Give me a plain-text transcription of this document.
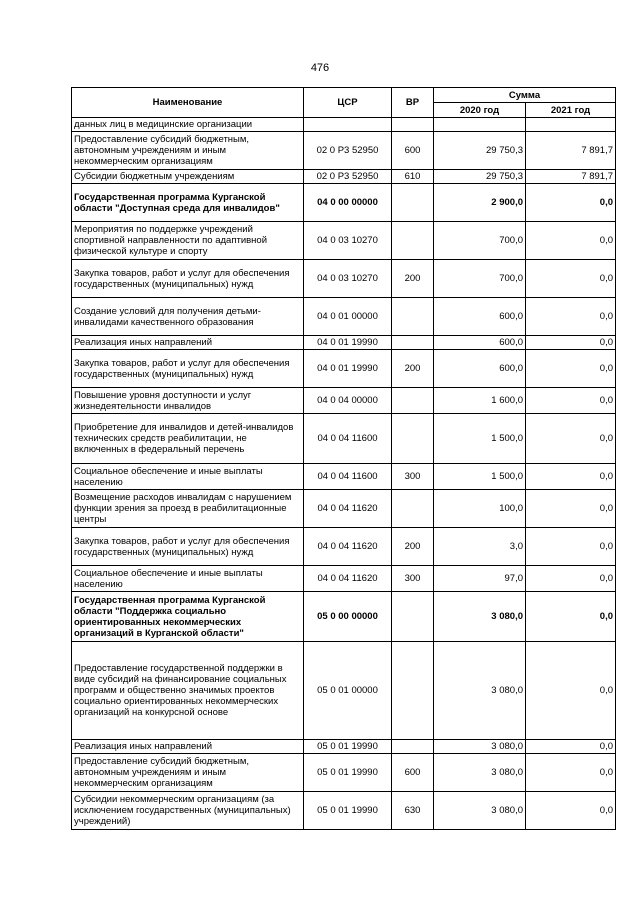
476
Наименование	ЦСР	ВР	Сумма	
			2020 год	2021 год
данных лиц в медицинские организации				
Предоставление субсидий бюджетным, автономным учреждениям и иным некоммерческим организациям	02 0 Р3 52950	600	29 750,3	7 891,7
Субсидии бюджетным учреждениям	02 0 Р3 52950	610	29 750,3	7 891,7
Государственная программа Курганской области "Доступная среда для инвалидов"	04 0 00 00000		2 900,0	0,0
Мероприятия по поддержке учреждений спортивной направленности по адаптивной физической культуре и спорту	04 0 03 10270		700,0	0,0
Закупка товаров, работ и услуг для обеспечения государственных (муниципальных) нужд	04 0 03 10270	200	700,0	0,0
Создание условий для получения детьми-инвалидами качественного образования	04 0 01 00000		600,0	0,0
Реализация иных направлений	04 0 01 19990		600,0	0,0
Закупка товаров, работ и услуг для обеспечения государственных (муниципальных) нужд	04 0 01 19990	200	600,0	0,0
Повышение уровня доступности и услуг жизнедеятельности инвалидов	04 0 04 00000		1 600,0	0,0
Приобретение для инвалидов и детей-инвалидов технических средств реабилитации, не включенных в федеральный перечень	04 0 04 11600		1 500,0	0,0
Социальное обеспечение и иные выплаты населению	04 0 04 11600	300	1 500,0	0,0
Возмещение расходов инвалидам с нарушением функции зрения за проезд в реабилитационные центры	04 0 04 11620		100,0	0,0
Закупка товаров, работ и услуг для обеспечения государственных (муниципальных) нужд	04 0 04 11620	200	3,0	0,0
Социальное обеспечение и иные выплаты населению	04 0 04 11620	300	97,0	0,0
Государственная программа Курганской области "Поддержка социально ориентированных некоммерческих организаций в Курганской области"	05 0 00 00000		3 080,0	0,0
Предоставление государственной поддержки в виде субсидий на финансирование социальных программ и общественно значимых проектов социально ориентированных некоммерческих организаций на конкурсной основе	05 0 01 00000		3 080,0	0,0
Реализация иных направлений	05 0 01 19990		3 080,0	0,0
Предоставление субсидий бюджетным, автономным учреждениям и иным некоммерческим организациям	05 0 01 19990	600	3 080,0	0,0
Субсидии некоммерческим организациям (за исключением государственных (муниципальных) учреждений)	05 0 01 19990	630	3 080,0	0,0
